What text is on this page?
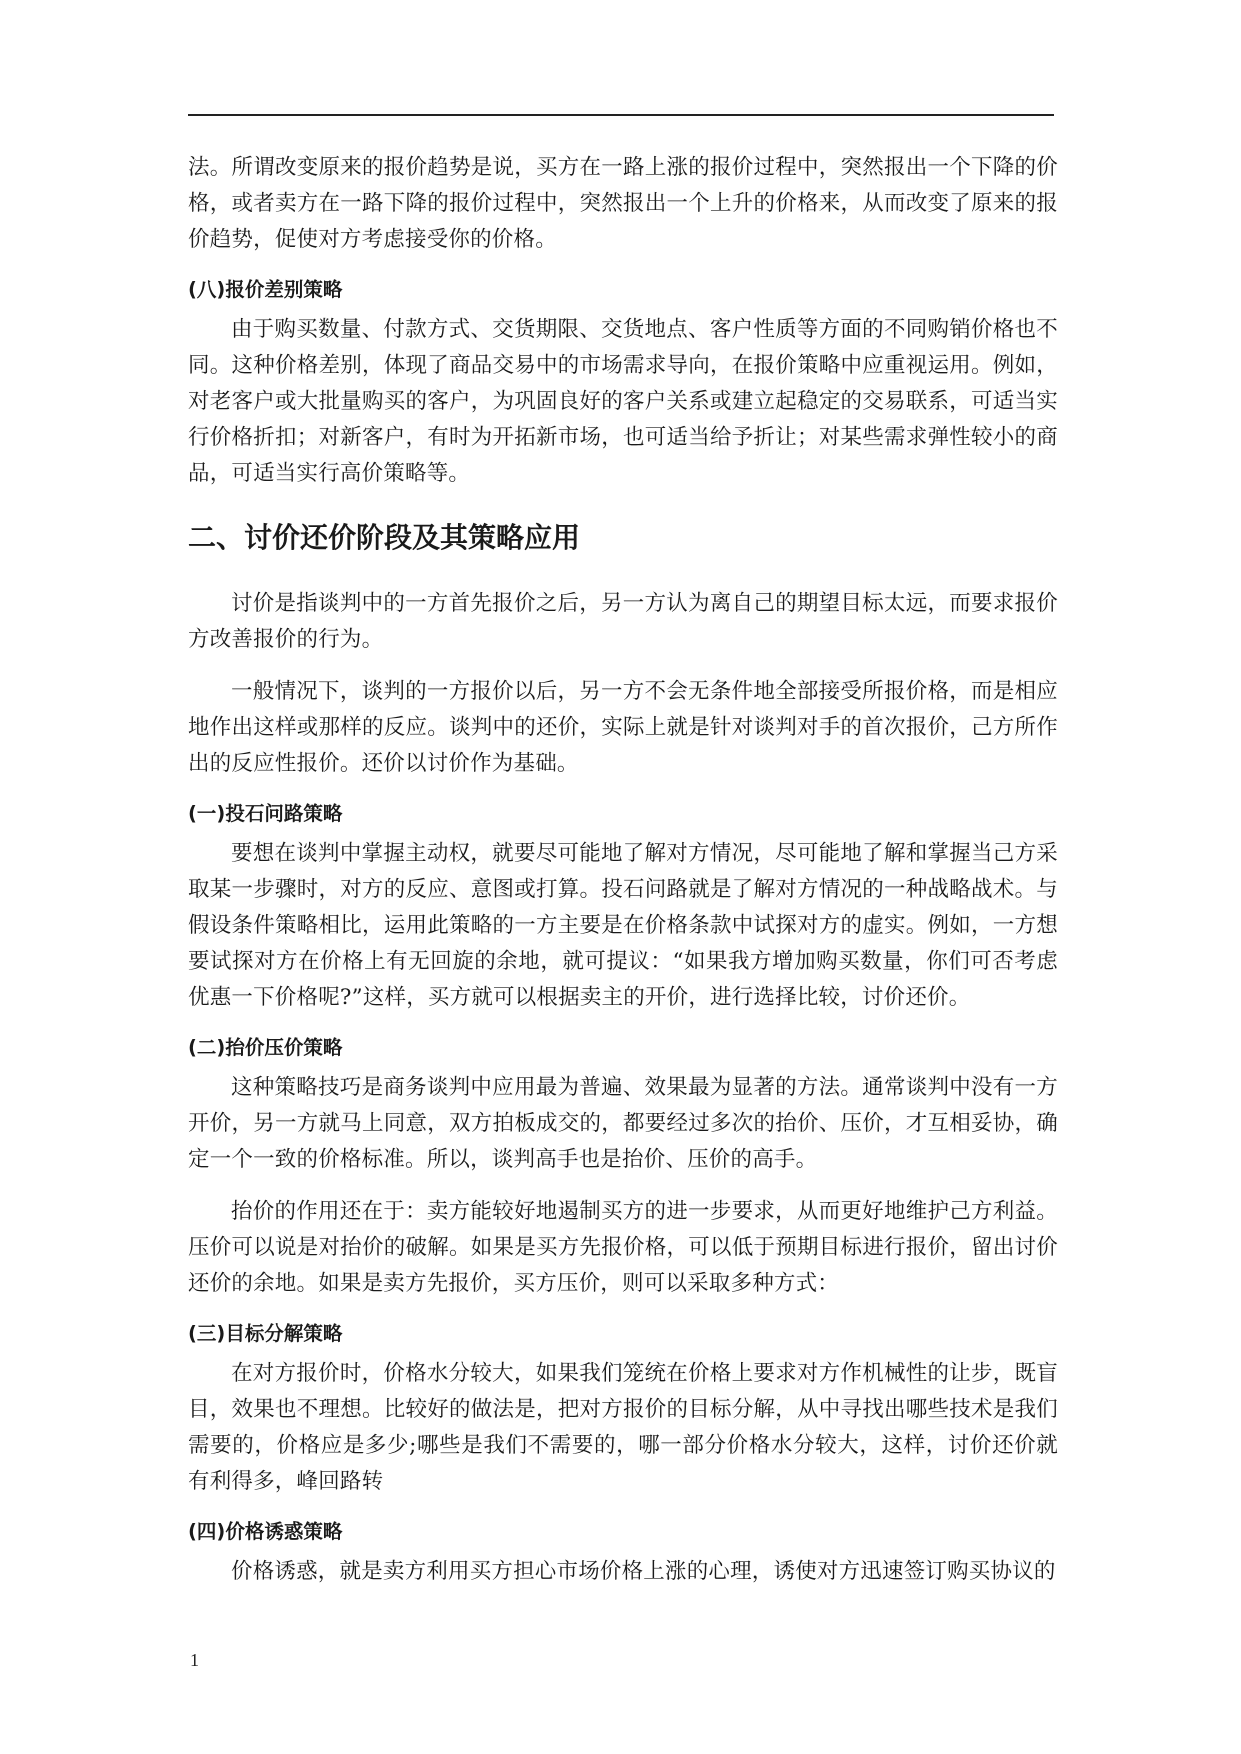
法。所谓改变原来的报价趋势是说，买方在一路上涨的报价过程中，突然报出一个下降的价格，或者卖方在一路下降的报价过程中，突然报出一个上升的价格来，从而改变了原来的报价趋势，促使对方考虑接受你的价格。

(八)报价差别策略

由于购买数量、付款方式、交货期限、交货地点、客户性质等方面的不同购销价格也不同。这种价格差别，体现了商品交易中的市场需求导向，在报价策略中应重视运用。例如，对老客户或大批量购买的客户，为巩固良好的客户关系或建立起稳定的交易联系，可适当实行价格折扣；对新客户，有时为开拓新市场，也可适当给予折让；对某些需求弹性较小的商品，可适当实行高价策略等。

二、讨价还价阶段及其策略应用

讨价是指谈判中的一方首先报价之后，另一方认为离自己的期望目标太远，而要求报价方改善报价的行为。

一般情况下，谈判的一方报价以后，另一方不会无条件地全部接受所报价格，而是相应地作出这样或那样的反应。谈判中的还价，实际上就是针对谈判对手的首次报价，己方所作出的反应性报价。还价以讨价作为基础。

(一)投石问路策略

要想在谈判中掌握主动权，就要尽可能地了解对方情况，尽可能地了解和掌握当己方采取某一步骤时，对方的反应、意图或打算。投石问路就是了解对方情况的一种战略战术。与假设条件策略相比，运用此策略的一方主要是在价格条款中试探对方的虚实。例如，一方想要试探对方在价格上有无回旋的余地，就可提议：“如果我方增加购买数量，你们可否考虑优惠一下价格呢?”这样，买方就可以根据卖主的开价，进行选择比较，讨价还价。

(二)抬价压价策略

这种策略技巧是商务谈判中应用最为普遍、效果最为显著的方法。通常谈判中没有一方开价，另一方就马上同意，双方拍板成交的，都要经过多次的抬价、压价，才互相妥协，确定一个一致的价格标准。所以，谈判高手也是抬价、压价的高手。

抬价的作用还在于：卖方能较好地遏制买方的进一步要求，从而更好地维护己方利益。压价可以说是对抬价的破解。如果是买方先报价格，可以低于预期目标进行报价，留出讨价还价的余地。如果是卖方先报价，买方压价，则可以采取多种方式：

(三)目标分解策略

在对方报价时，价格水分较大，如果我们笼统在价格上要求对方作机械性的让步，既盲目，效果也不理想。比较好的做法是，把对方报价的目标分解，从中寻找出哪些技术是我们需要的，价格应是多少;哪些是我们不需要的，哪一部分价格水分较大，这样，讨价还价就有利得多，峰回路转

(四)价格诱惑策略

价格诱惑，就是卖方利用买方担心市场价格上涨的心理，诱使对方迅速签订购买协议的

1
